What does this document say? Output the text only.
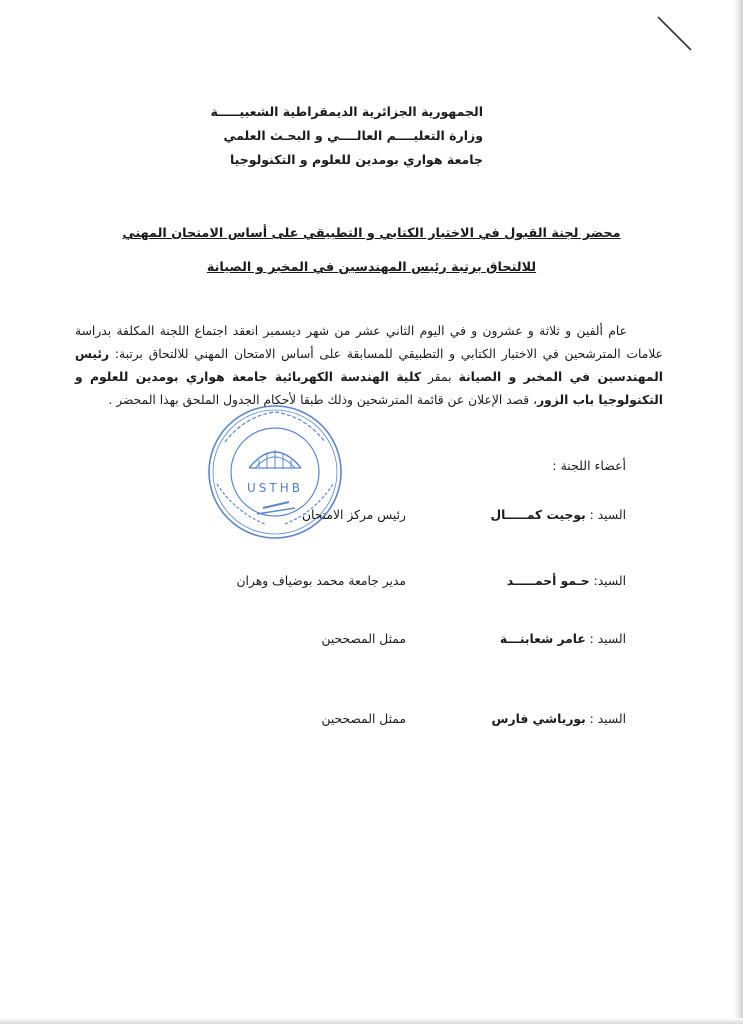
الجمهورية الجزائرية الديمقراطية الشعبيـــــة
وزارة التعليــــم العالــــي و البحـث العلمي
جامعة هواري بومدين للعلوم و التكنولوجيا
محضر لجنة القبول في الاختبار الكتابي و التطبيقي على أساس الامتحان المهني
للالتحاق برتبة رئيس المهندسين في المخبر و الصيانة

عام ألفين و ثلاثة و عشرون و في اليوم الثاني عشر من شهر ديسمبر انعقد اجتماع اللجنة المكلفة بدراسة علامات المترشحين في الاختبار الكتابي و التطبيقي للمسابقة على أساس الامتحان المهني للالتحاق برتبة: رئيس المهندسين في المخبر و الصيانة بمقر كلية الهندسة الكهربائية جامعة هواري بومدين للعلوم و التكنولوجيا باب الزور، قصد الإعلان عن قائمة المترشحين وذلك طبقا لأحكام الجدول الملحق بهذا المحضر .

أعضاء اللجنة :
السيد : بوجيت كمـــــال
رئيس مركز الامتحان
السيد: حـمو أحمـــــد
مدير جامعة محمد بوضياف وهران
السيد : عامر شعابنـــة
ممثل المصححين
السيد : بورياشي فارس
ممثل المصححين
USTHB
